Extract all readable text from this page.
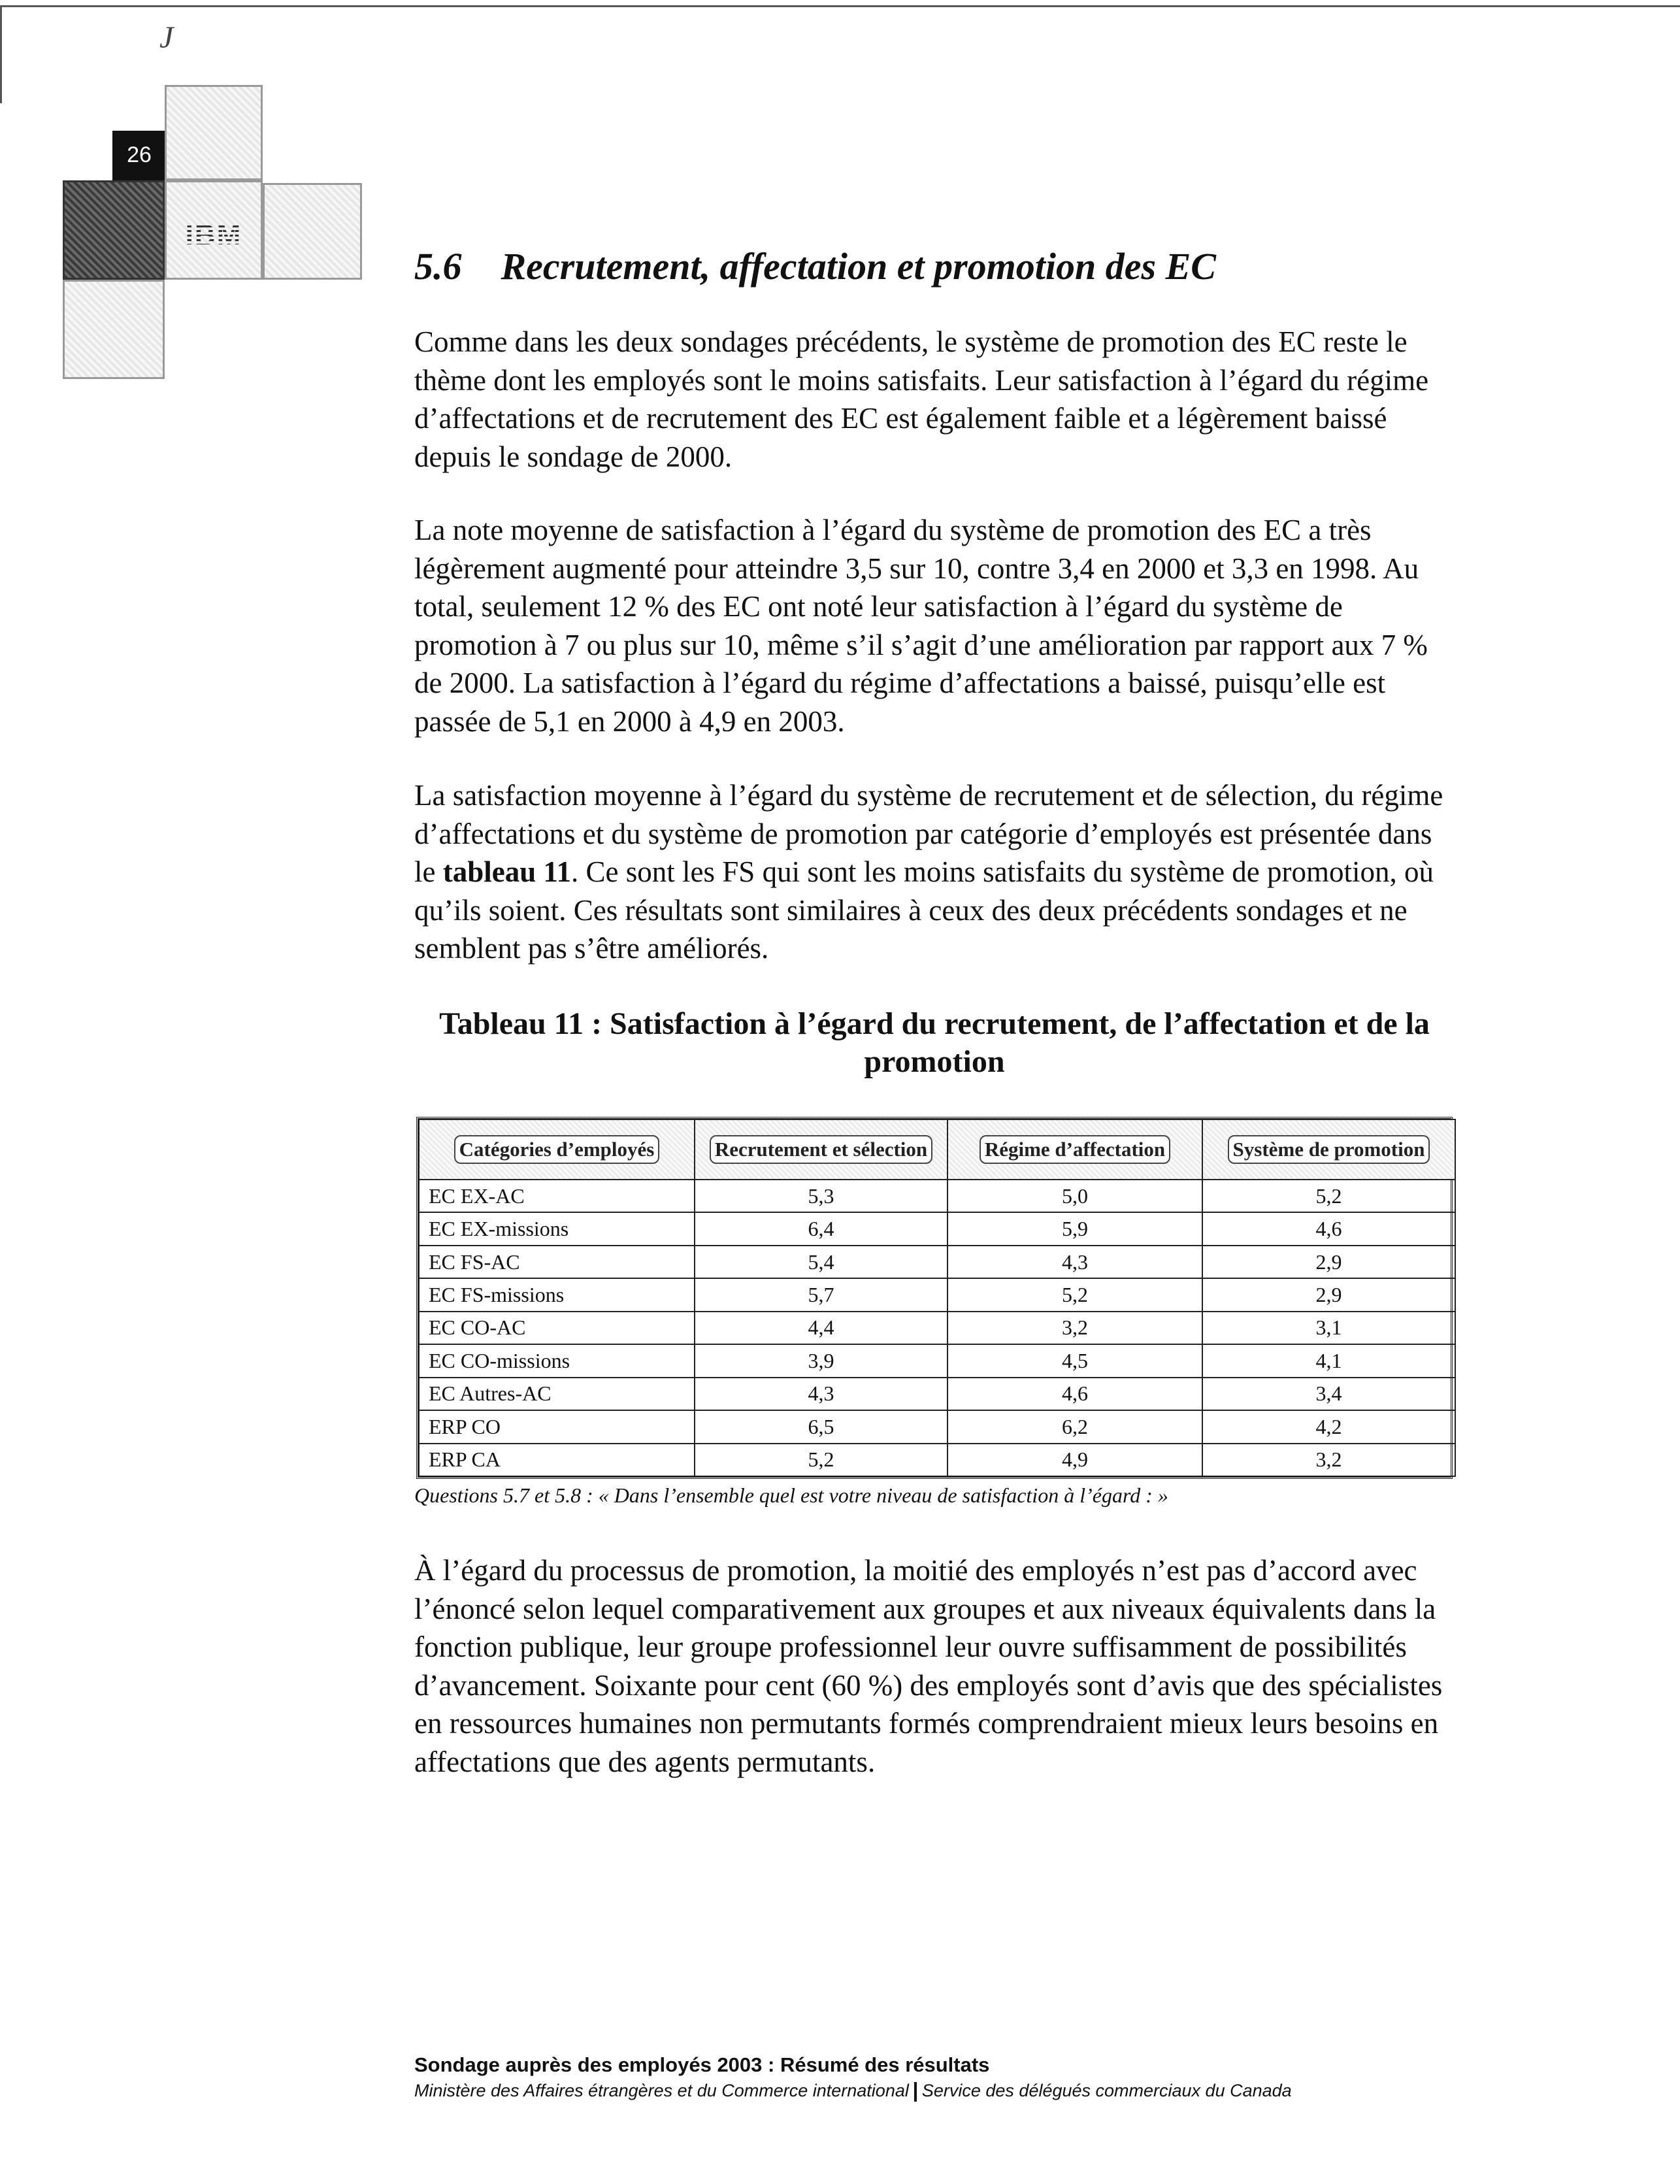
J
26
IBM
5.6 Recrutement, affectation et promotion des EC

Comme dans les deux sondages précédents, le système de promotion des EC reste le thème dont les employés sont le moins satisfaits. Leur satisfaction à l’égard du régime d’affectations et de recrutement des EC est également faible et a légèrement baissé depuis le sondage de 2000.

La note moyenne de satisfaction à l’égard du système de promotion des EC a très légèrement augmenté pour atteindre 3,5 sur 10, contre 3,4 en 2000 et 3,3 en 1998. Au total, seulement 12 % des EC ont noté leur satisfaction à l’égard du système de promotion à 7 ou plus sur 10, même s’il s’agit d’une amélioration par rapport aux 7 % de 2000. La satisfaction à l’égard du régime d’affectations a baissé, puisqu’elle est passée de 5,1 en 2000 à 4,9 en 2003.

La satisfaction moyenne à l’égard du système de recrutement et de sélection, du régime d’affectations et du système de promotion par catégorie d’employés est présentée dans le tableau 11. Ce sont les FS qui sont les moins satisfaits du système de promotion, où qu’ils soient. Ces résultats sont similaires à ceux des deux précédents sondages et ne semblent pas s’être améliorés.

Tableau 11 : Satisfaction à l’égard du recrutement, de l’affectation et de la promotion
Catégories d’employés	Recrutement et sélection	Régime d’affectation	Système de promotion
EC EX-AC	5,3	5,0	5,2
EC EX-missions	6,4	5,9	4,6
EC FS-AC	5,4	4,3	2,9
EC FS-missions	5,7	5,2	2,9
EC CO-AC	4,4	3,2	3,1
EC CO-missions	3,9	4,5	4,1
EC Autres-AC	4,3	4,6	3,4
ERP CO	6,5	6,2	4,2
ERP CA	5,2	4,9	3,2
Questions 5.7 et 5.8 : « Dans l’ensemble quel est votre niveau de satisfaction à l’égard : »

À l’égard du processus de promotion, la moitié des employés n’est pas d’accord avec l’énoncé selon lequel comparativement aux groupes et aux niveaux équivalents dans la fonction publique, leur groupe professionnel leur ouvre suffisamment de possibilités d’avancement. Soixante pour cent (60 %) des employés sont d’avis que des spécialistes en ressources humaines non permutants formés comprendraient mieux leurs besoins en affectations que des agents permutants.

Sondage auprès des employés 2003 : Résumé des résultats
Ministère des Affaires étrangères et du Commerce international Service des délégués commerciaux du Canada
